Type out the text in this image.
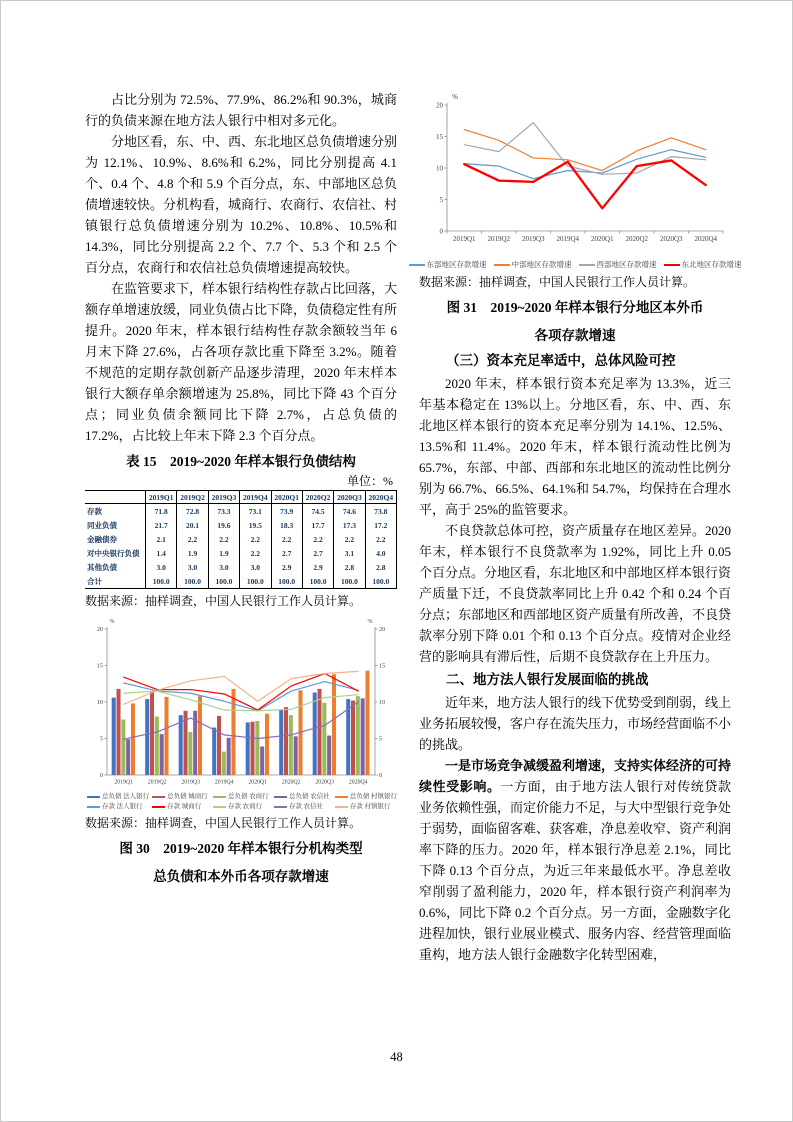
占比分别为 72.5%、77.9%、86.2%和 90.3%，城商行的负债来源在地方法人银行中相对多元化。

分地区看，东、中、西、东北地区总负债增速分别为 12.1%、10.9%、8.6%和 6.2%，同比分别提高 4.1 个、0.4 个、4.8 个和 5.9 个百分点，东、中部地区总负债增速较快。分机构看，城商行、农商行、农信社、村镇银行总负债增速分别为 10.2%、10.8%、10.5%和 14.3%，同比分别提高 2.2 个、7.7 个、5.3 个和 2.5 个百分点，农商行和农信社总负债增速提高较快。

在监管要求下，样本银行结构性存款占比回落，大额存单增速放缓，同业负债占比下降，负债稳定性有所提升。2020 年末，样本银行结构性存款余额较当年 6 月末下降 27.6%，占各项存款比重下降至 3.2%。随着不规范的定期存款创新产品逐步清理，2020 年末样本银行大额存单余额增速为 25.8%，同比下降 43 个百分点；同业负债余额同比下降 2.7%，占总负债的 17.2%，占比较上年末下降 2.3 个百分点。

表 15　2019~2020 年样本银行负债结构
单位：%
	2019Q1	2019Q2	2019Q3	2019Q4	2020Q1	2020Q2	2020Q3	2020Q4
存款	71.8	72.8	73.3	73.1	73.9	74.5	74.6	73.8
同业负债	21.7	20.1	19.6	19.5	18.3	17.7	17.3	17.2
金融债券	2.1	2.2	2.2	2.2	2.2	2.2	2.2	2.2
对中央银行负债	1.4	1.9	1.9	2.2	2.7	2.7	3.1	4.0
其他负债	3.0	3.0	3.0	3.0	2.9	2.9	2.8	2.8
合计	100.0	100.0	100.0	100.0	100.0	100.0	100.0	100.0

数据来源：抽样调查，中国人民银行工作人员计算。

0	0
5	5
10	10
15	15
20	20
%	%
2019Q1	2019Q2	2019Q3	2019Q4	2020Q1	2020Q2	2020Q3	2020Q4
总负债 法人银行	总负债 城商行	总负债 农商行	总负债 农信社	总负债 村镇银行
存款 法人银行	存款 城商行	存款 农商行	存款 农信社	存款 村镇银行

数据来源：抽样调查，中国人民银行工作人员计算。

图 30　2019~2020 年样本银行分机构类型
总负债和本外币各项存款增速
0
5
10
15
20
%
2019Q1 2019Q2 2019Q3 2019Q4 2020Q1 2020Q2 2020Q3 2020Q4
东部地区存款增速	中部地区存款增速	西部地区存款增速	东北地区存款增速

数据来源：抽样调查，中国人民银行工作人员计算。

图 31　2019~2020 年样本银行分地区本外币
各项存款增速
（三）资本充足率适中，总体风险可控

2020 年末，样本银行资本充足率为 13.3%，近三年基本稳定在 13%以上。分地区看，东、中、西、东北地区样本银行的资本充足率分别为 14.1%、12.5%、13.5%和 11.4%。2020 年末，样本银行流动性比例为 65.7%，东部、中部、西部和东北地区的流动性比例分别为 66.7%、66.5%、64.1%和 54.7%，均保持在合理水平，高于 25%的监管要求。

不良贷款总体可控，资产质量存在地区差异。2020 年末，样本银行不良贷款率为 1.92%，同比上升 0.05 个百分点。分地区看，东北地区和中部地区样本银行资产质量下迁，不良贷款率同比上升 0.42 个和 0.24 个百分点；东部地区和西部地区资产质量有所改善，不良贷款率分别下降 0.01 个和 0.13 个百分点。疫情对企业经营的影响具有滞后性，后期不良贷款存在上升压力。

二、地方法人银行发展面临的挑战

近年来，地方法人银行的线下优势受到削弱，线上业务拓展较慢，客户存在流失压力，市场经营面临不小的挑战。

一是市场竞争减缓盈利增速，支持实体经济的可持续性受影响。一方面，由于地方法人银行对传统贷款业务依赖性强，而定价能力不足，与大中型银行竞争处于弱势，面临留客难、获客难，净息差收窄、资产利润率下降的压力。2020 年，样本银行净息差 2.1%，同比下降 0.13 个百分点，为近三年来最低水平。净息差收窄削弱了盈利能力，2020 年，样本银行资产利润率为 0.6%，同比下降 0.2 个百分点。另一方面，金融数字化进程加快，银行业展业模式、服务内容、经营管理面临重构，地方法人银行金融数字化转型困难，

48
